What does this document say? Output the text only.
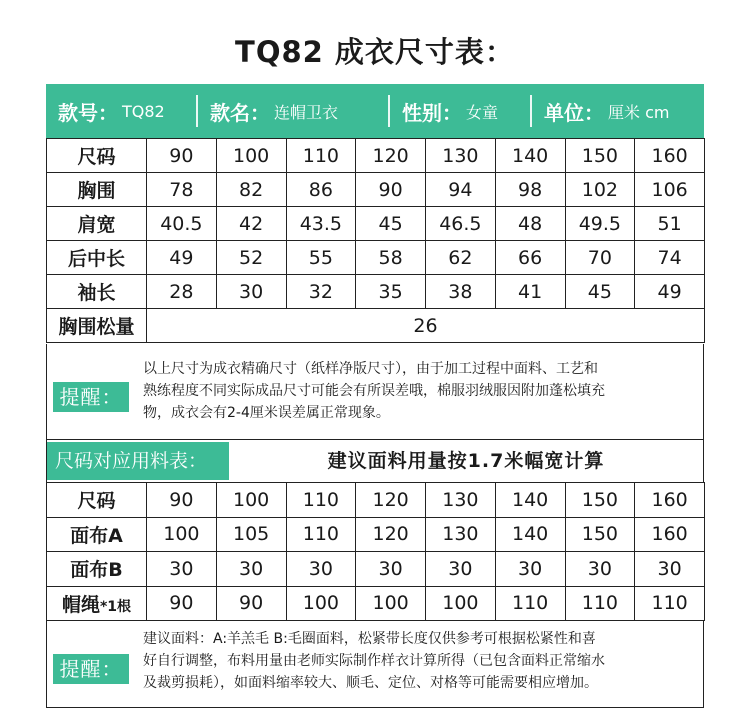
TQ82 成衣尺寸表：
款号： TQ82 款名： 连帽卫衣	性别： 女童 单位： 厘米 cm
尺码	90	100	110	120	130	140	150	160
胸围	78	82	86	90	94	98	102	106
肩宽	40.5	42	43.5	45	46.5	48	49.5	51
后中长	49	52	55	58	62	66	70	74
袖长	28	30	32	35	38	41	45	49
胸围松量	26							
提醒：
以上尺寸为成衣精确尺寸（纸样净版尺寸），由于加工过程中面料、工艺和
熟练程度不同实际成品尺寸可能会有所误差哦，棉服羽绒服因附加蓬松填充
物，成衣会有2-4厘米误差属正常现象。
尺码对应用料表：	建议面料用量按1.7米幅宽计算
尺码	90	100	110	120	130	140	150	160
面布A	100	105	110	120	130	140	150	160
面布B	30	30	30	30	30	30	30	30
帽绳*1根	90	90	100	100	100	110	110	110
提醒：
建议面料：A:羊羔毛 B:毛圈面料，松紧带长度仅供参考可根据松紧性和喜
好自行调整，布料用量由老师实际制作样衣计算所得（已包含面料正常缩水
及裁剪损耗），如面料缩率较大、顺毛、定位、对格等可能需要相应增加。
